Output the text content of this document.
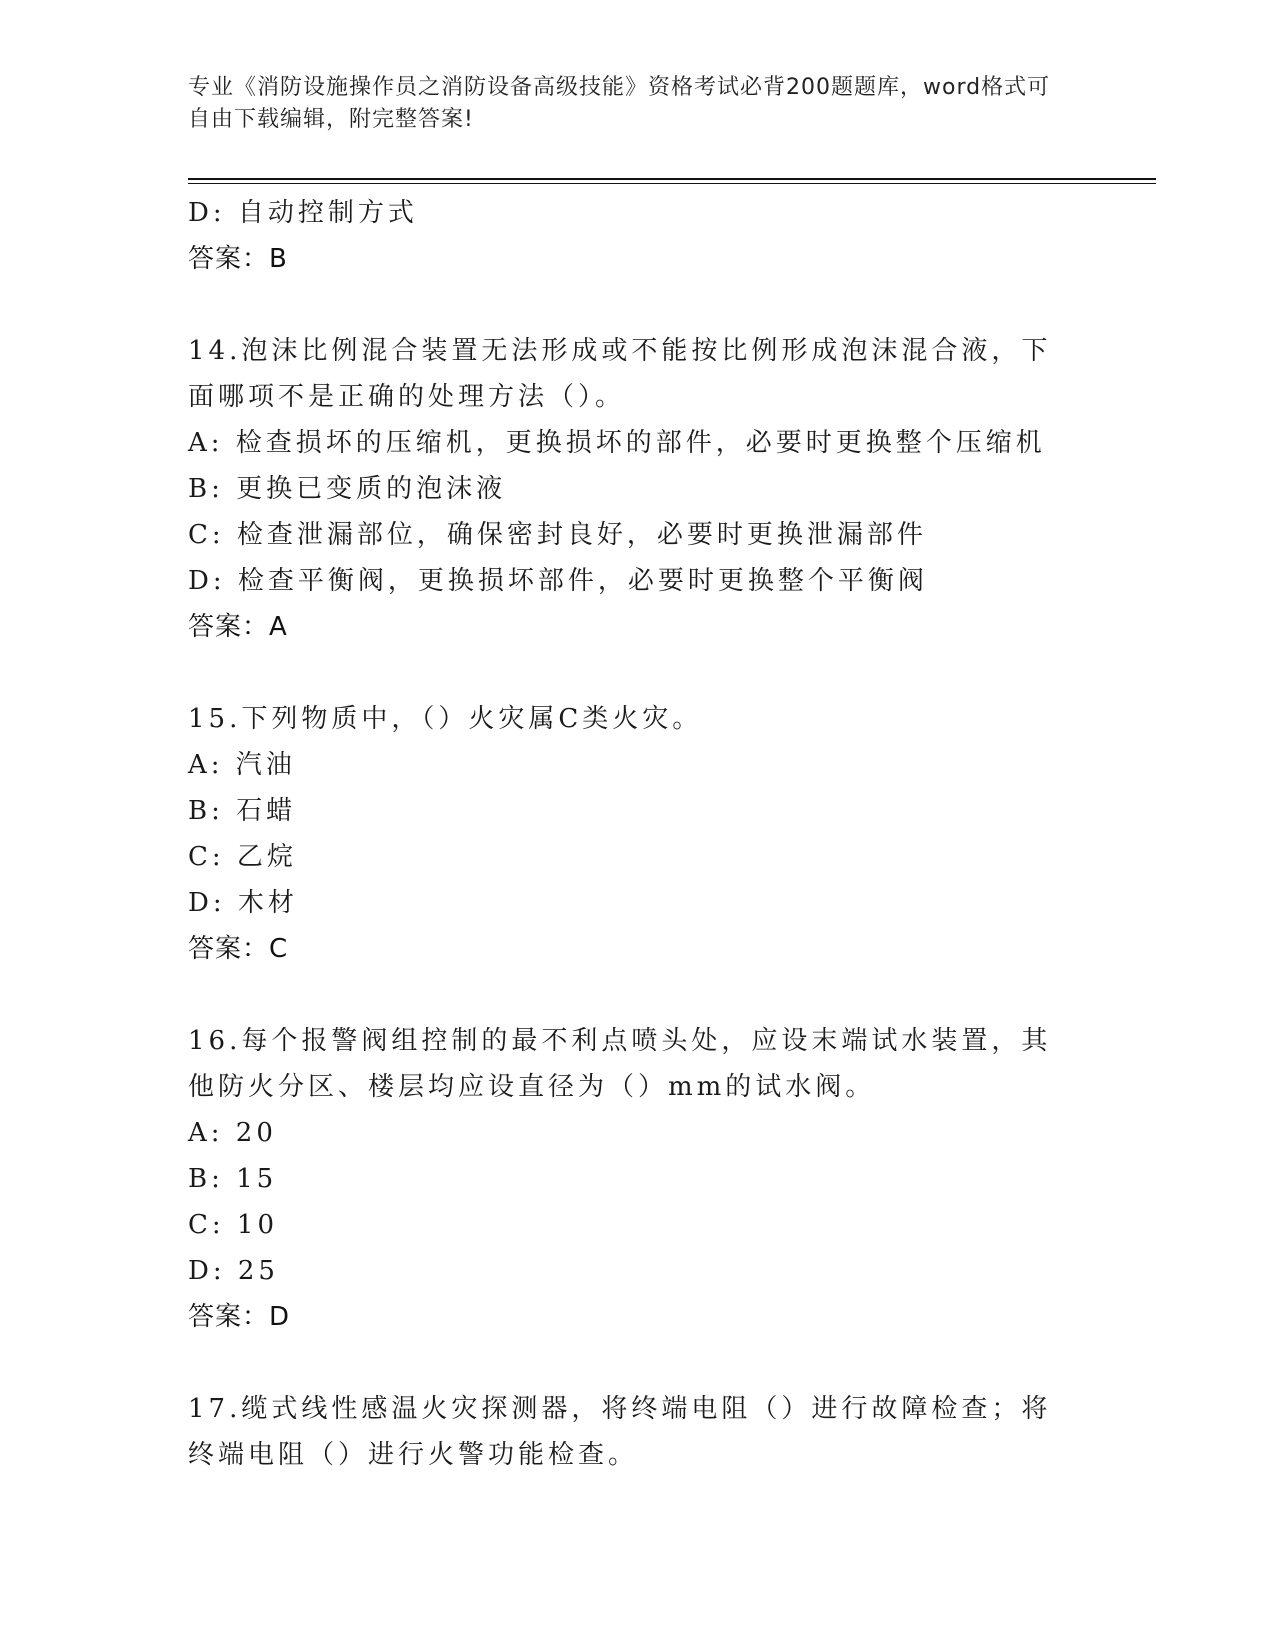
专业《消防设施操作员之消防设备高级技能》资格考试必背200题题库，word格式可自由下载编辑，附完整答案!
D: 自动控制方式
答案：B
14.泡沫比例混合装置无法形成或不能按比例形成泡沫混合液，下面哪项不是正确的处理方法（）。
A: 检查损坏的压缩机，更换损坏的部件，必要时更换整个压缩机
B: 更换已变质的泡沫液
C: 检查泄漏部位，确保密封良好，必要时更换泄漏部件
D: 检查平衡阀，更换损坏部件，必要时更换整个平衡阀
答案：A
15.下列物质中，（）火灾属C类火灾。
A: 汽油
B: 石蜡
C: 乙烷
D: 木材
答案：C
16.每个报警阀组控制的最不利点喷头处，应设末端试水装置，其他防火分区、楼层均应设直径为（）mm的试水阀。
A: 20
B: 15
C: 10
D: 25
答案：D
17.缆式线性感温火灾探测器，将终端电阻（）进行故障检查；将终端电阻（）进行火警功能检查。
